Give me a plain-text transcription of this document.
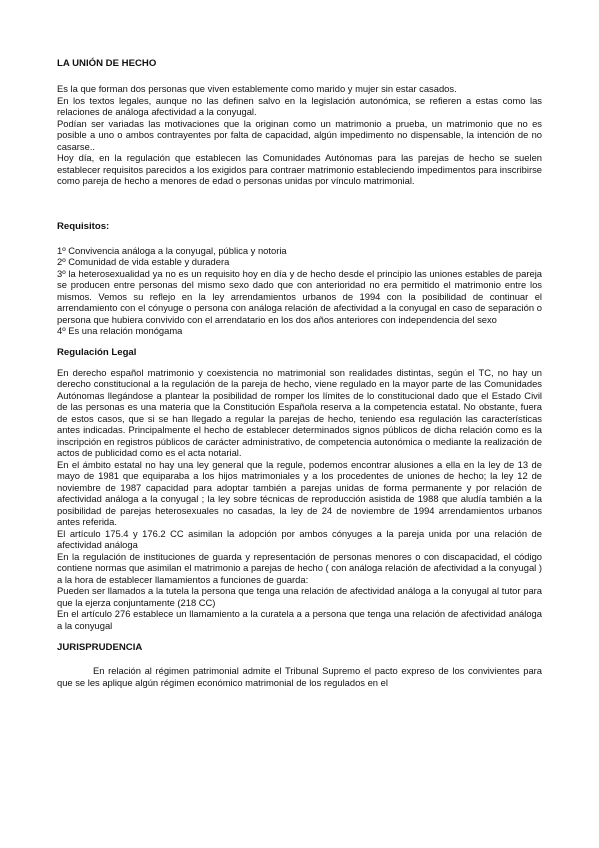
LA UNIÓN DE HECHO

Es la que forman dos personas que viven establemente como marido y mujer sin estar casados.

En los textos legales, aunque no las definen salvo en la legislación autonómica, se refieren a estas como las relaciones de análoga afectividad a la conyugal.

Podían ser variadas las motivaciones que la originan como un matrimonio a prueba, un matrimonio que no es posible a uno o ambos contrayentes por falta de capacidad, algún impedimento no dispensable, la intención de no casarse..

Hoy día, en la regulación que establecen las Comunidades Autónomas para las parejas de hecho se suelen establecer requisitos parecidos a los exigidos para contraer matrimonio estableciendo impedimentos para inscribirse como pareja de hecho a menores de edad o personas unidas por vínculo matrimonial.

Requisitos:

1º Convivencia análoga a la conyugal, pública y notoria

2º Comunidad de vida estable y duradera

3º la heterosexualidad ya no es un requisito hoy en día y de hecho desde el principio las uniones estables de pareja se producen entre personas del mismo sexo dado que con anterioridad no era permitido el matrimonio entre los mismos. Vemos su reflejo en la ley arrendamientos urbanos de 1994 con la posibilidad de continuar el arrendamiento con el cónyuge o persona con análoga relación de afectividad a la conyugal en caso de separación o persona que hubiera convivido con el arrendatario en los dos años anteriores con independencia del sexo

4º Es una relación monógama

Regulación Legal

En derecho español matrimonio y coexistencia no matrimonial son realidades distintas, según el TC, no hay un derecho constitucional a la regulación de la pareja de hecho, viene regulado en la mayor parte de las Comunidades Autónomas llegándose a plantear la posibilidad de romper los límites de lo constitucional dado que el Estado Civil de las personas es una materia que la Constitución Española reserva a la competencia estatal. No obstante, fuera de estos casos, que si se han llegado a regular la parejas de hecho, teniendo esa regulación las características antes indicadas. Principalmente el hecho de establecer determinados signos públicos de dicha relación como es la inscripción en registros públicos de carácter administrativo, de competencia autonómica o mediante la realización de actos de publicidad como es el acta notarial.

En el ámbito estatal no hay una ley general que la regule, podemos encontrar alusiones a ella en la ley de 13 de mayo de 1981 que equiparaba a los hijos matrimoniales y a los procedentes de uniones de hecho; la ley 12 de noviembre de 1987 capacidad para adoptar también a parejas unidas de forma permanente y por relación de afectividad análoga a la conyugal ; la ley sobre técnicas de reproducción asistida de 1988 que aludía también a la posibilidad de parejas heterosexuales no casadas, la ley de 24 de noviembre de 1994 arrendamientos urbanos antes referida.

El artículo 175.4 y 176.2 CC asimilan la adopción por ambos cónyuges a la pareja unida por una relación de afectividad análoga

En la regulación de instituciones de guarda y representación de personas menores o con discapacidad, el código contiene normas que asimilan el matrimonio a parejas de hecho ( con análoga relación de afectividad a la conyugal ) a la hora de establecer llamamientos a funciones de guarda:

Pueden ser llamados a la tutela la persona que tenga una relación de afectividad análoga a la conyugal al tutor para que la ejerza conjuntamente (218 CC)

En el artículo 276 establece un llamamiento a la curatela a a persona que tenga una relación de afectividad análoga a la conyugal

JURISPRUDENCIA

En relación al régimen patrimonial admite el Tribunal Supremo el pacto expreso de los convivientes para que se les aplique algún régimen económico matrimonial de los regulados en el
